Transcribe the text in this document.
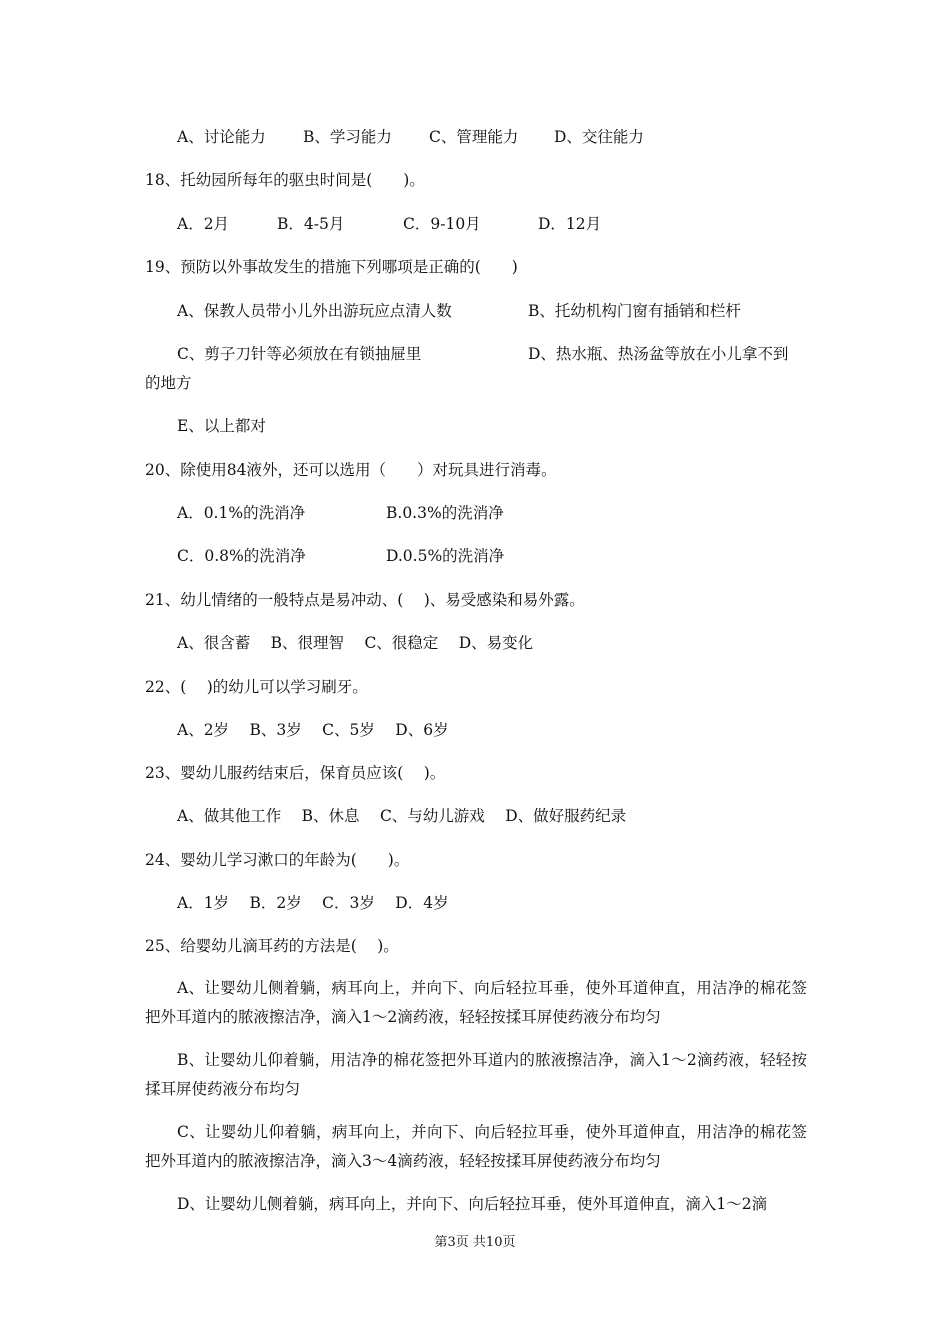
A、讨论能力 B、学习能力 C、管理能力 D、交往能力
18、托幼园所每年的驱虫时间是(　　)。
A．2月	B．4-5月	C．9-10月	D．12月
19、预防以外事故发生的措施下列哪项是正确的(　　)
A、保教人员带小儿外出游玩应点清人数	B、托幼机构门窗有插销和栏杆
C、剪子刀针等必须放在有锁抽屉里	D、热水瓶、热汤盆等放在小儿拿不到
的地方
E、以上都对
20、除使用84液外，还可以选用（　　）对玩具进行消毒。
A．0.1%的洗消净	B.0.3%的洗消净
C．0.8%的洗消净	D.0.5%的洗消净
21、幼儿情绪的一般特点是易冲动、(　 )、易受感染和易外露。
A、很含蓄　 B、很理智　 C、很稳定　 D、易变化
22、(　 )的幼儿可以学习刷牙。
A、2岁　 B、3岁　 C、5岁　 D、6岁
23、婴幼儿服药结束后，保育员应该(　 )。
A、做其他工作　 B、休息　 C、与幼儿游戏　 D、做好服药纪录
24、婴幼儿学习漱口的年龄为(　　)。
A．1岁　 B．2岁　 C．3岁　 D．4岁
25、给婴幼儿滴耳药的方法是(　 )。
A、让婴幼儿侧着躺，病耳向上，并向下、向后轻拉耳垂，使外耳道伸直，用洁净的棉花签把外耳道内的脓液擦洁净，滴入1～2滴药液，轻轻按揉耳屏使药液分布均匀
B、让婴幼儿仰着躺，用洁净的棉花签把外耳道内的脓液擦洁净，滴入1～2滴药液，轻轻按揉耳屏使药液分布均匀
C、让婴幼儿仰着躺，病耳向上，并向下、向后轻拉耳垂，使外耳道伸直，用洁净的棉花签把外耳道内的脓液擦洁净，滴入3～4滴药液，轻轻按揉耳屏使药液分布均匀
D、让婴幼儿侧着躺，病耳向上，并向下、向后轻拉耳垂，使外耳道伸直，滴入1～2滴
第3页 共10页
